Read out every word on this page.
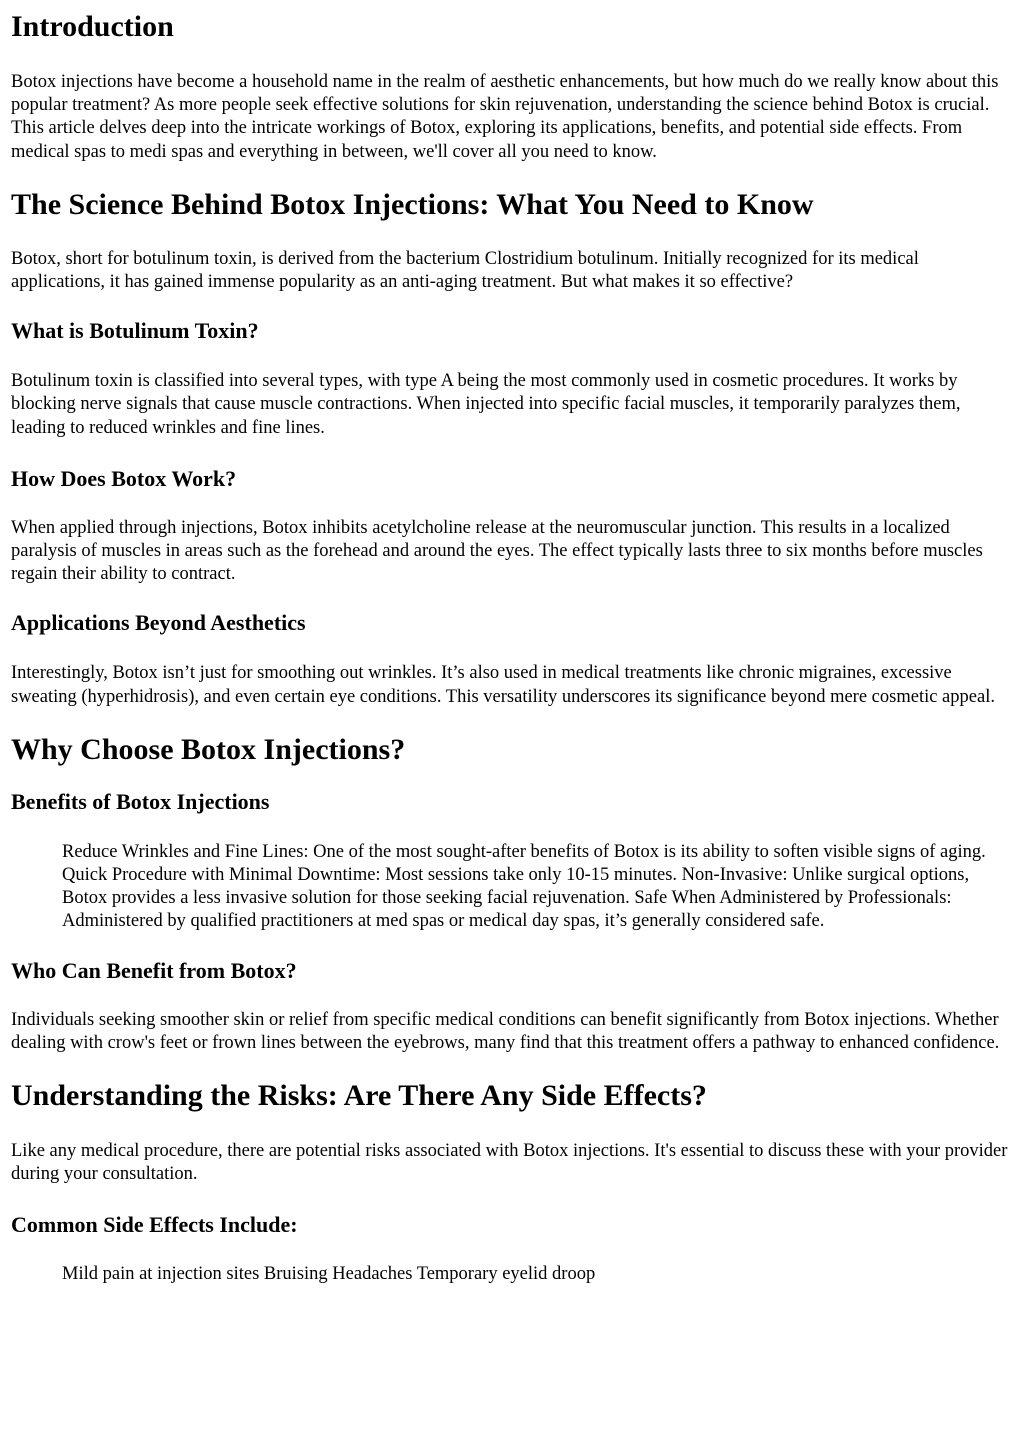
Introduction

Botox injections have become a household name in the realm of aesthetic enhancements, but how much do we really know about this popular treatment? As more people seek effective solutions for skin rejuvenation, understanding the science behind Botox is crucial. This article delves deep into the intricate workings of Botox, exploring its applications, benefits, and potential side effects. From medical spas to medi spas and everything in between, we'll cover all you need to know.

The Science Behind Botox Injections: What You Need to Know

Botox, short for botulinum toxin, is derived from the bacterium Clostridium botulinum. Initially recognized for its medical applications, it has gained immense popularity as an anti-aging treatment. But what makes it so effective?

What is Botulinum Toxin?

Botulinum toxin is classified into several types, with type A being the most commonly used in cosmetic procedures. It works by blocking nerve signals that cause muscle contractions. When injected into specific facial muscles, it temporarily paralyzes them, leading to reduced wrinkles and fine lines.

How Does Botox Work?

When applied through injections, Botox inhibits acetylcholine release at the neuromuscular junction. This results in a localized paralysis of muscles in areas such as the forehead and around the eyes. The effect typically lasts three to six months before muscles regain their ability to contract.

Applications Beyond Aesthetics

Interestingly, Botox isn’t just for smoothing out wrinkles. It’s also used in medical treatments like chronic migraines, excessive sweating (hyperhidrosis), and even certain eye conditions. This versatility underscores its significance beyond mere cosmetic appeal.

Why Choose Botox Injections?
Benefits of Botox Injections
Reduce Wrinkles and Fine Lines: One of the most sought-after benefits of Botox is its ability to soften visible signs of aging. Quick Procedure with Minimal Downtime: Most sessions take only 10-15 minutes. Non-Invasive: Unlike surgical options, Botox provides a less invasive solution for those seeking facial rejuvenation. Safe When Administered by Professionals: Administered by qualified practitioners at med spas or medical day spas, it’s generally considered safe.
Who Can Benefit from Botox?

Individuals seeking smoother skin or relief from specific medical conditions can benefit significantly from Botox injections. Whether dealing with crow's feet or frown lines between the eyebrows, many find that this treatment offers a pathway to enhanced confidence.

Understanding the Risks: Are There Any Side Effects?

Like any medical procedure, there are potential risks associated with Botox injections. It's essential to discuss these with your provider during your consultation.

Common Side Effects Include:
Mild pain at injection sites Bruising Headaches Temporary eyelid droop
